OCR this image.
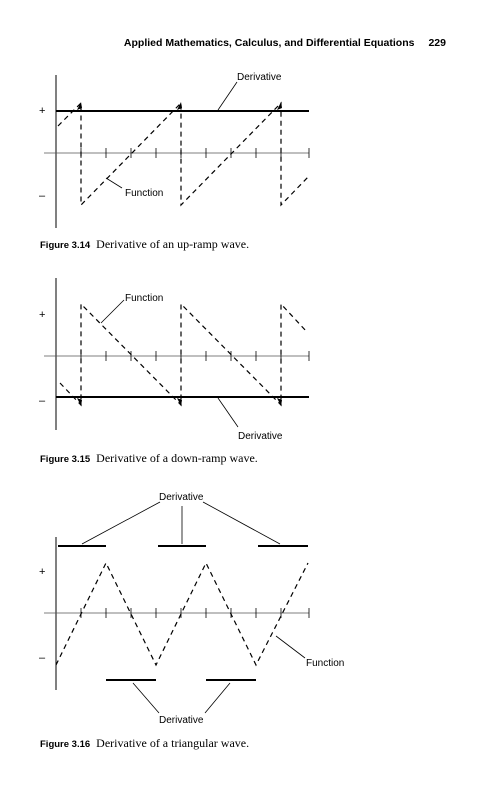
Applied Mathematics, Calculus, and Differential Equations 229
+
–
Derivative
Function
Figure 3.14 Derivative of an up-ramp wave.
+
–
Function
Derivative
Figure 3.15 Derivative of a down-ramp wave.
+
–
Derivative
Function
Derivative
Figure 3.16 Derivative of a triangular wave.
